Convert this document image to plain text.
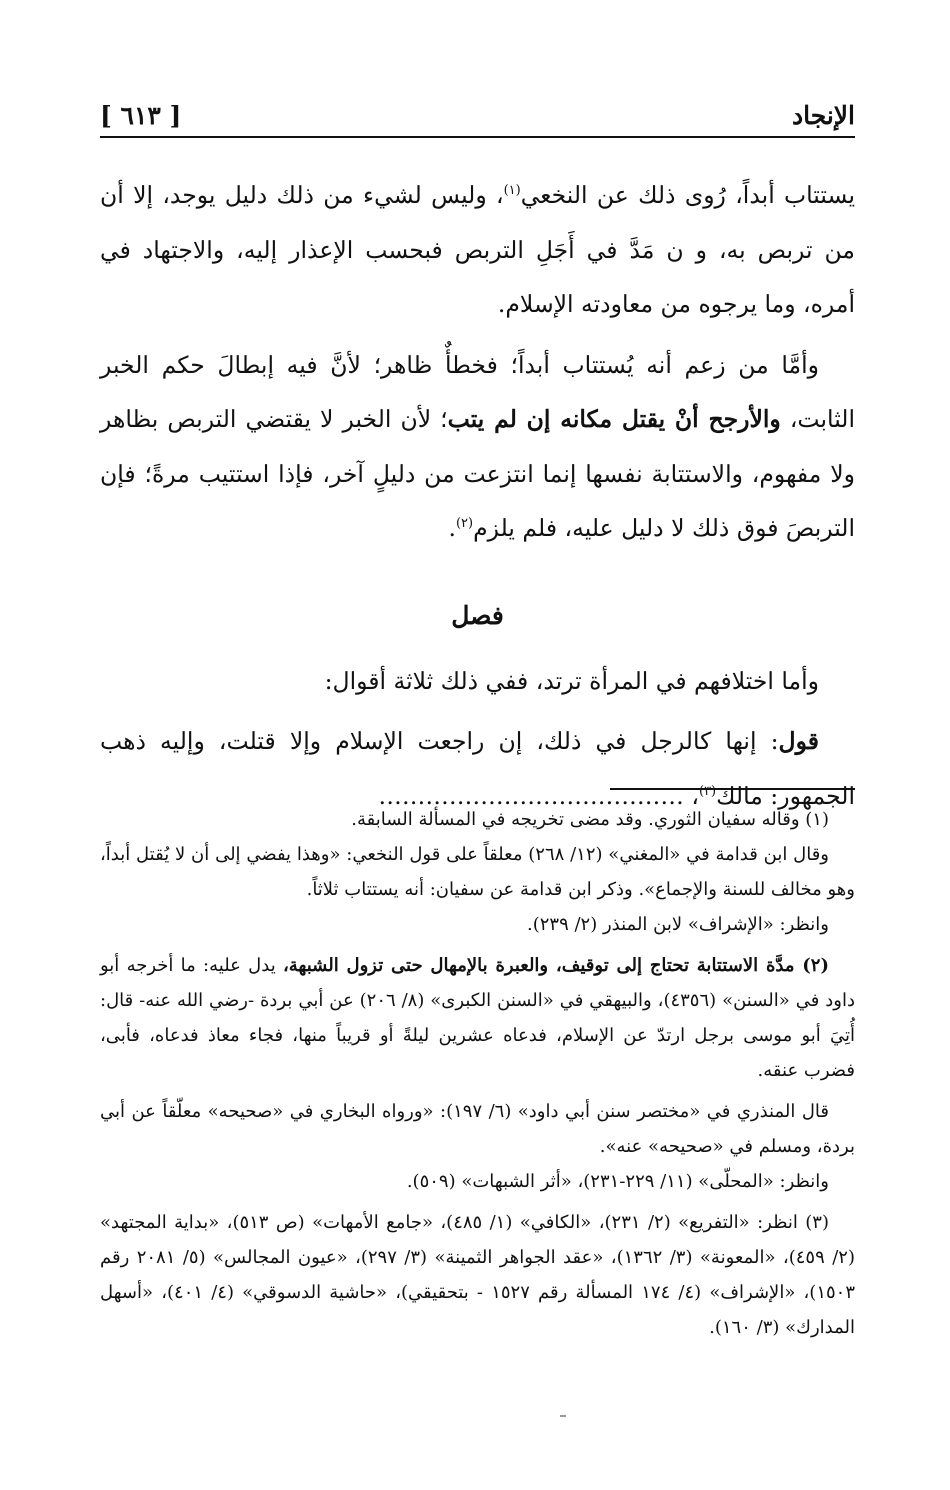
الإنجاد
[ ٦١٣ ]

يستتاب أبداً، رُوى ذلك عن النخعي$^{(١)}$، وليس لشيء من ذلك دليل يوجد، إلا أن من تربص به، و ن مَدَّ في أَجَلِ التربص فبحسب الإعذار إليه، والاجتهاد في أمره، وما يرجوه من معاودته الإسلام.

وأمَّا من زعم أنه يُستتاب أبداً؛ فخطأٌ ظاهر؛ لأنَّ فيه إبطالَ حكم الخبر الثابت، والأرجح أنْ يقتل مكانه إن لم يتب؛ لأن الخبر لا يقتضي التربص بظاهر ولا مفهوم، والاستتابة نفسها إنما انتزعت من دليلٍ آخر، فإذا استتيب مرةً؛ فإن التربصَ فوق ذلك لا دليل عليه، فلم يلزم$^{(٢)}$.

فصل

وأما اختلافهم في المرأة ترتد، ففي ذلك ثلاثة أقوال:

قول: إنها كالرجل في ذلك، إن راجعت الإسلام وإلا قتلت، وإليه ذهب الجمهور: مالك$^{(٣)}$، …………………………………

(١) وقاله سفيان الثوري. وقد مضى تخريجه في المسألة السابقة.

وقال ابن قدامة في «المغني» (١٢/ ٢٦٨) معلقاً على قول النخعي: «وهذا يفضي إلى أن لا يُقتل أبداً، وهو مخالف للسنة والإجماع». وذكر ابن قدامة عن سفيان: أنه يستتاب ثلاثاً.

وانظر: «الإشراف» لابن المنذر (٢/ ٢٣٩).

(٢) مدَّة الاستتابة تحتاج إلى توقيف، والعبرة بالإمهال حتى تزول الشبهة، يدل عليه: ما أخرجه أبو داود في «السنن» (٤٣٥٦)، والبيهقي في «السنن الكبرى» (٨/ ٢٠٦) عن أبي بردة -رضي الله عنه- قال: أُتِيَ أبو موسى برجل ارتدّ عن الإسلام، فدعاه عشرين ليلةً أو قريباً منها، فجاء معاذ فدعاه، فأبى، فضرب عنقه.

قال المنذري في «مختصر سنن أبي داود» (٦/ ١٩٧): «ورواه البخاري في «صحيحه» معلّقاً عن أبي بردة، ومسلم في «صحيحه» عنه».

وانظر: «المحلّى» (١١/ ٢٢٩-٢٣١)، «أثر الشبهات» (٥٠٩).

(٣) انظر: «التفريع» (٢/ ٢٣١)، «الكافي» (١/ ٤٨٥)، «جامع الأمهات» (ص ٥١٣)، «بداية المجتهد» (٢/ ٤٥٩)، «المعونة» (٣/ ١٣٦٢)، «عقد الجواهر الثمينة» (٣/ ٢٩٧)، «عيون المجالس» (٥/ ٢٠٨١ رقم ١٥٠٣)، «الإشراف» (٤/ ١٧٤ المسألة رقم ١٥٢٧ - بتحقيقي)، «حاشية الدسوقي» (٤/ ٤٠١)، «أسهل المدارك» (٣/ ١٦٠).
